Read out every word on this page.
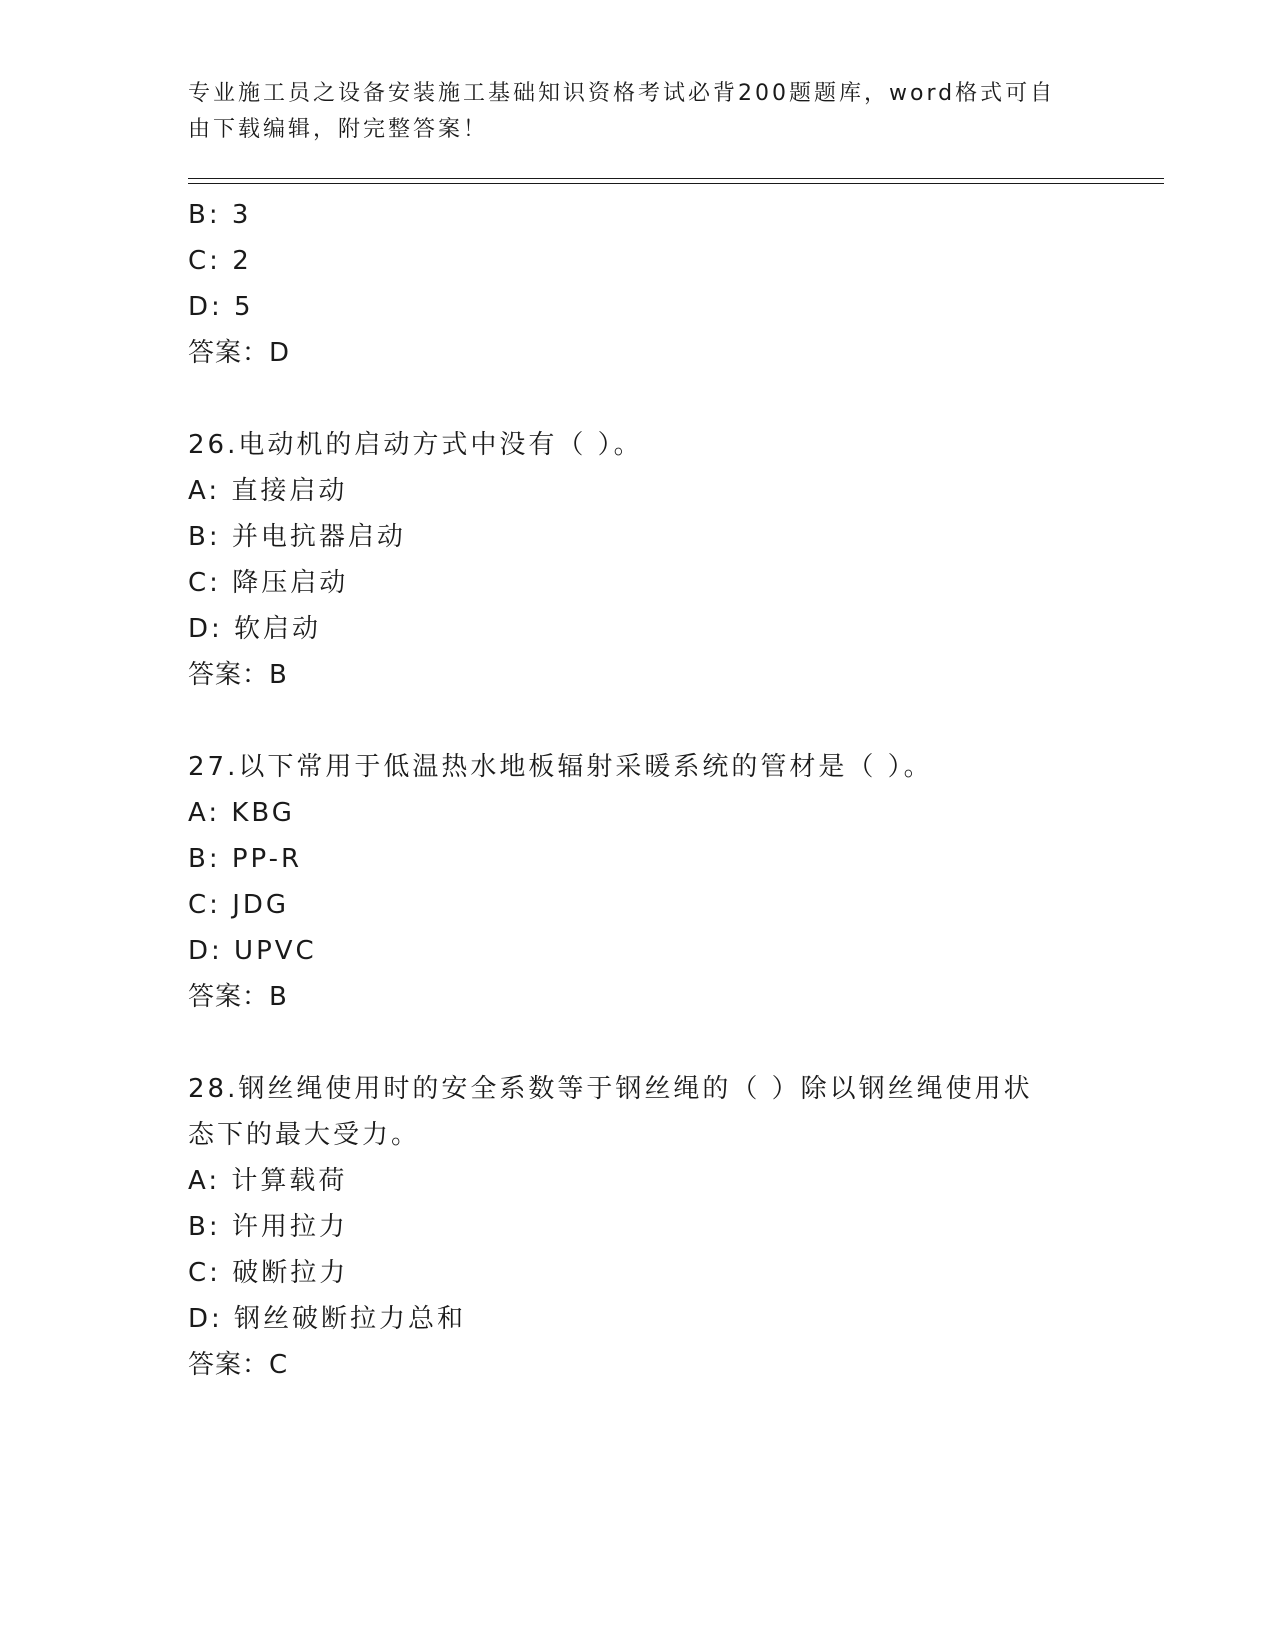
专业施工员之设备安装施工基础知识资格考试必背200题题库，word格式可自由下载编辑，附完整答案！
B: 3
C: 2
D: 5
答案：D
26.电动机的启动方式中没有（ ）。
A: 直接启动
B: 并电抗器启动
C: 降压启动
D: 软启动
答案：B
27.以下常用于低温热水地板辐射采暖系统的管材是（ ）。
A: KBG
B: PP-R
C: JDG
D: UPVC
答案：B
28.钢丝绳使用时的安全系数等于钢丝绳的（ ）除以钢丝绳使用状态下的最大受力。
A: 计算载荷
B: 许用拉力
C: 破断拉力
D: 钢丝破断拉力总和
答案：C
